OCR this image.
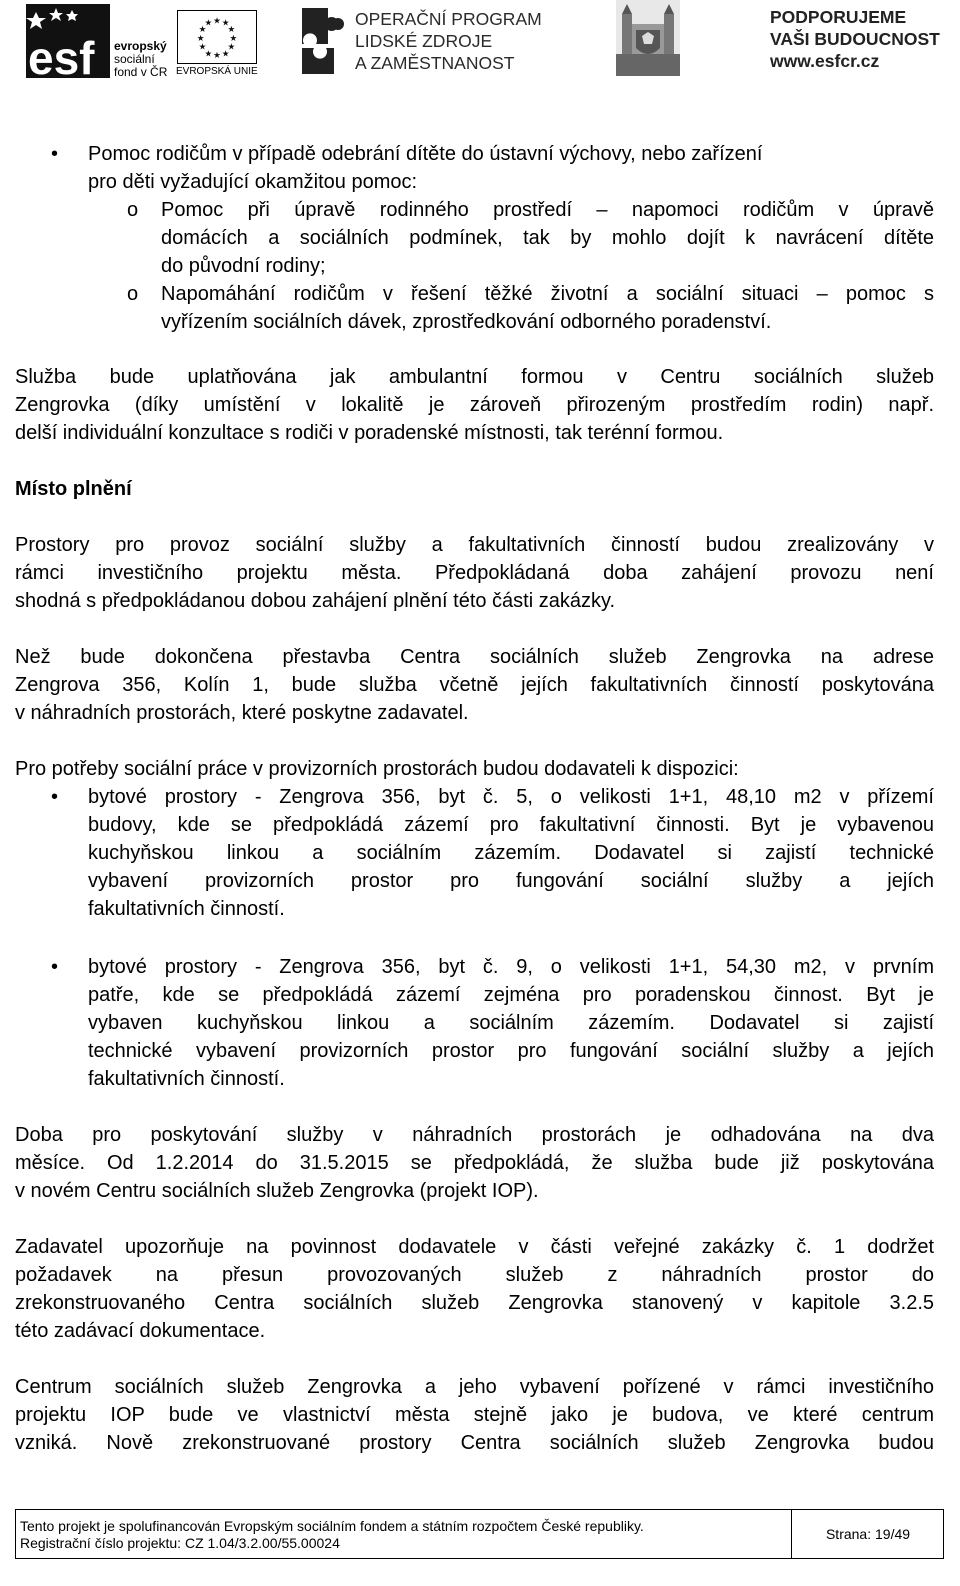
esf evropský
sociální
fond v ČR
★ ★
★
★
★
★
★
★
★
★
★
★
EVROPSKÁ UNIE
OPERAČNÍ PROGRAM
LIDSKÉ ZDROJE
A ZAMĚSTNANOST
PODPORUJEME
VAŠI BUDOUCNOST
www.esfcr.cz
• Pomoc rodičům v případě odebrání dítěte do ústavní výchovy, nebo zařízení
pro děti vyžadující okamžitou pomoc:
o Pomoc při úpravě rodinného prostředí – napomoci rodičům v úpravě
domácích a sociálních podmínek, tak by mohlo dojít k navrácení dítěte
do původní rodiny;
o Napomáhání rodičům v řešení těžké životní a sociální situaci – pomoc s
vyřízením sociálních dávek, zprostředkování odborného poradenství.
Služba bude uplatňována jak ambulantní formou v Centru sociálních služeb
Zengrovka (díky umístění v lokalitě je zároveň přirozeným prostředím rodin) např.
delší individuální konzultace s rodiči v poradenské místnosti, tak terénní formou.
Místo plnění
Prostory pro provoz sociální služby a fakultativních činností budou zrealizovány v
rámci investičního projektu města. Předpokládaná doba zahájení provozu není
shodná s předpokládanou dobou zahájení plnění této části zakázky.
Než bude dokončena přestavba Centra sociálních služeb Zengrovka na adrese
Zengrova 356, Kolín 1, bude služba včetně jejích fakultativních činností poskytována
v náhradních prostorách, které poskytne zadavatel.
Pro potřeby sociální práce v provizorních prostorách budou dodavateli k dispozici:
• bytové prostory - Zengrova 356, byt č. 5, o velikosti 1+1, 48,10 m2 v přízemí
budovy, kde se předpokládá zázemí pro fakultativní činnosti. Byt je vybavenou
kuchyňskou linkou a sociálním zázemím. Dodavatel si zajistí technické
vybavení provizorních prostor pro fungování sociální služby a jejích
fakultativních činností.
• bytové prostory - Zengrova 356, byt č. 9, o velikosti 1+1, 54,30 m2, v prvním
patře, kde se předpokládá zázemí zejména pro poradenskou činnost. Byt je
vybaven kuchyňskou linkou a sociálním zázemím. Dodavatel si zajistí
technické vybavení provizorních prostor pro fungování sociální služby a jejích
fakultativních činností.
Doba pro poskytování služby v náhradních prostorách je odhadována na dva
měsíce. Od 1.2.2014 do 31.5.2015 se předpokládá, že služba bude již poskytována
v novém Centru sociálních služeb Zengrovka (projekt IOP).
Zadavatel upozorňuje na povinnost dodavatele v části veřejné zakázky č. 1 dodržet
požadavek na přesun provozovaných služeb z náhradních prostor do
zrekonstruovaného Centra sociálních služeb Zengrovka stanovený v kapitole 3.2.5
této zadávací dokumentace.
Centrum sociálních služeb Zengrovka a jeho vybavení pořízené v rámci investičního
projektu IOP bude ve vlastnictví města stejně jako je budova, ve které centrum
vzniká. Nově zrekonstruované prostory Centra sociálních služeb Zengrovka budou
Tento projekt je spolufinancován Evropským sociálním fondem a státním rozpočtem České republiky.
Registrační číslo projektu: CZ 1.04/3.2.00/55.00024
Strana: 19/49
